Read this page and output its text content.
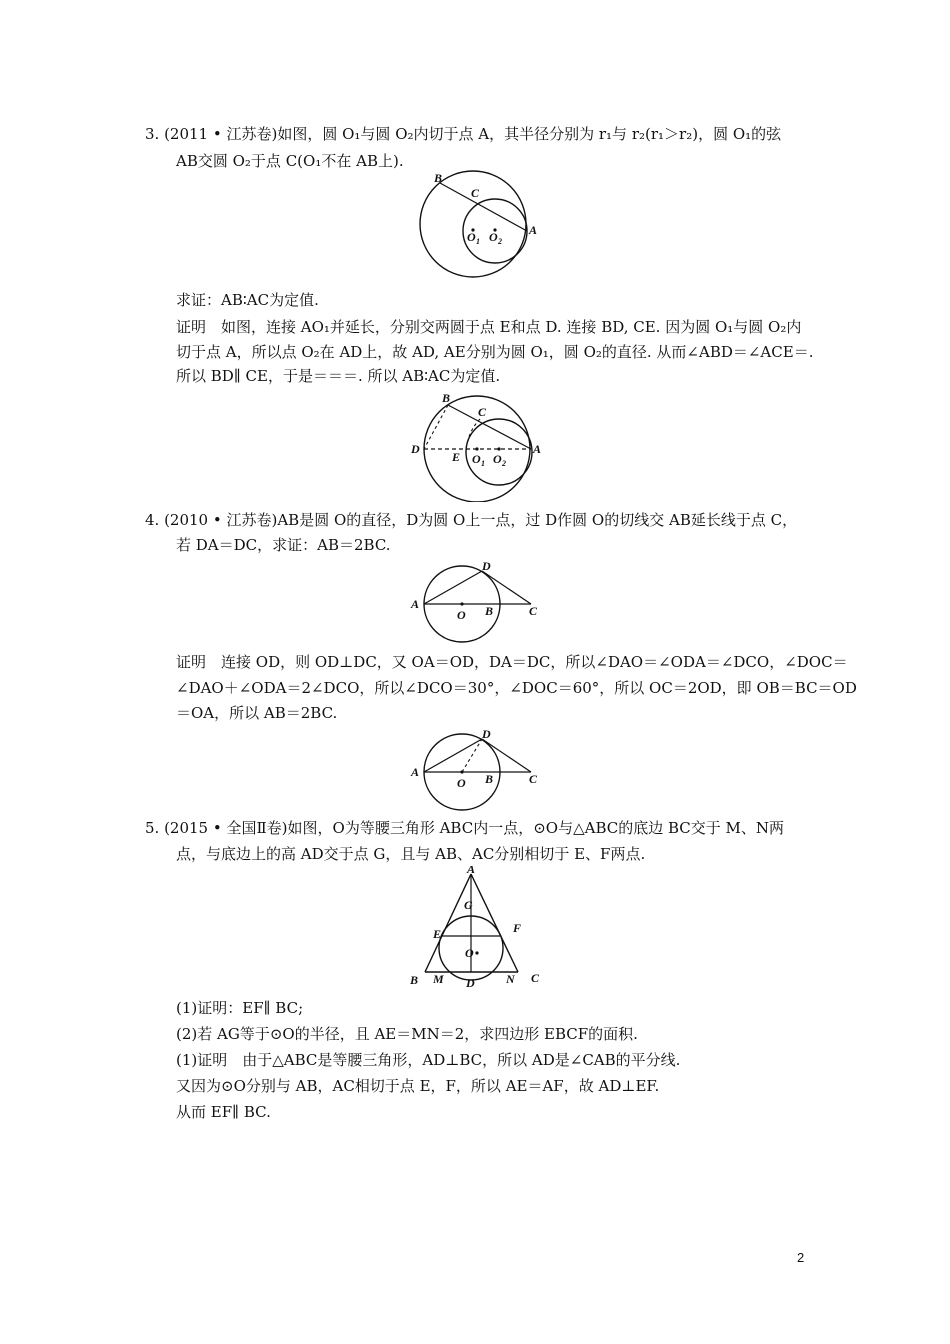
3. (2011 • 江苏卷)如图，圆 O₁与圆 O₂内切于点 A，其半径分别为 r₁与 r₂(r₁＞r₂)，圆 O₁的弦
AB交圆 O₂于点 C(O₁不在 AB上).
B
C
O 1 O 2
A
求证：AB∶AC为定值.
证明　如图，连接 AO₁并延长，分别交两圆于点 E和点 D. 连接 BD, CE. 因为圆 O₁与圆 O₂内
切于点 A，所以点 O₂在 AD上，故 AD, AE分别为圆 O₁，圆 O₂的直径. 从而∠ABD＝∠ACE＝.
所以 BD∥ CE，于是＝＝＝. 所以 AB∶AC为定值.
B
C
D
E O 1 O 2
A
4. (2010 • 江苏卷)AB是圆 O的直径，D为圆 O上一点，过 D作圆 O的切线交 AB延长线于点 C，
若 DA＝DC，求证：AB＝2BC.
D
A
O B	C
证明　连接 OD，则 OD⊥DC，又 OA＝OD，DA＝DC，所以∠DAO＝∠ODA＝∠DCO，∠DOC＝
∠DAO＋∠ODA＝2∠DCO，所以∠DCO＝30°，∠DOC＝60°，所以 OC＝2OD，即 OB＝BC＝OD
＝OA，所以 AB＝2BC.
D
A
O B	C
5. (2015 • 全国Ⅱ卷)如图，O为等腰三角形 ABC内一点，⊙O与△ABC的底边 BC交于 M、N两
点，与底边上的高 AD交于点 G，且与 AB、AC分别相切于 E、F两点.
A
G
E	F
O
B M D	N C
(1)证明：EF∥ BC;
(2)若 AG等于⊙O的半径，且 AE＝MN＝2，求四边形 EBCF的面积.
(1)证明　由于△ABC是等腰三角形，AD⊥BC，所以 AD是∠CAB的平分线.
又因为⊙O分别与 AB，AC相切于点 E，F，所以 AE＝AF，故 AD⊥EF.
从而 EF∥ BC.
2
